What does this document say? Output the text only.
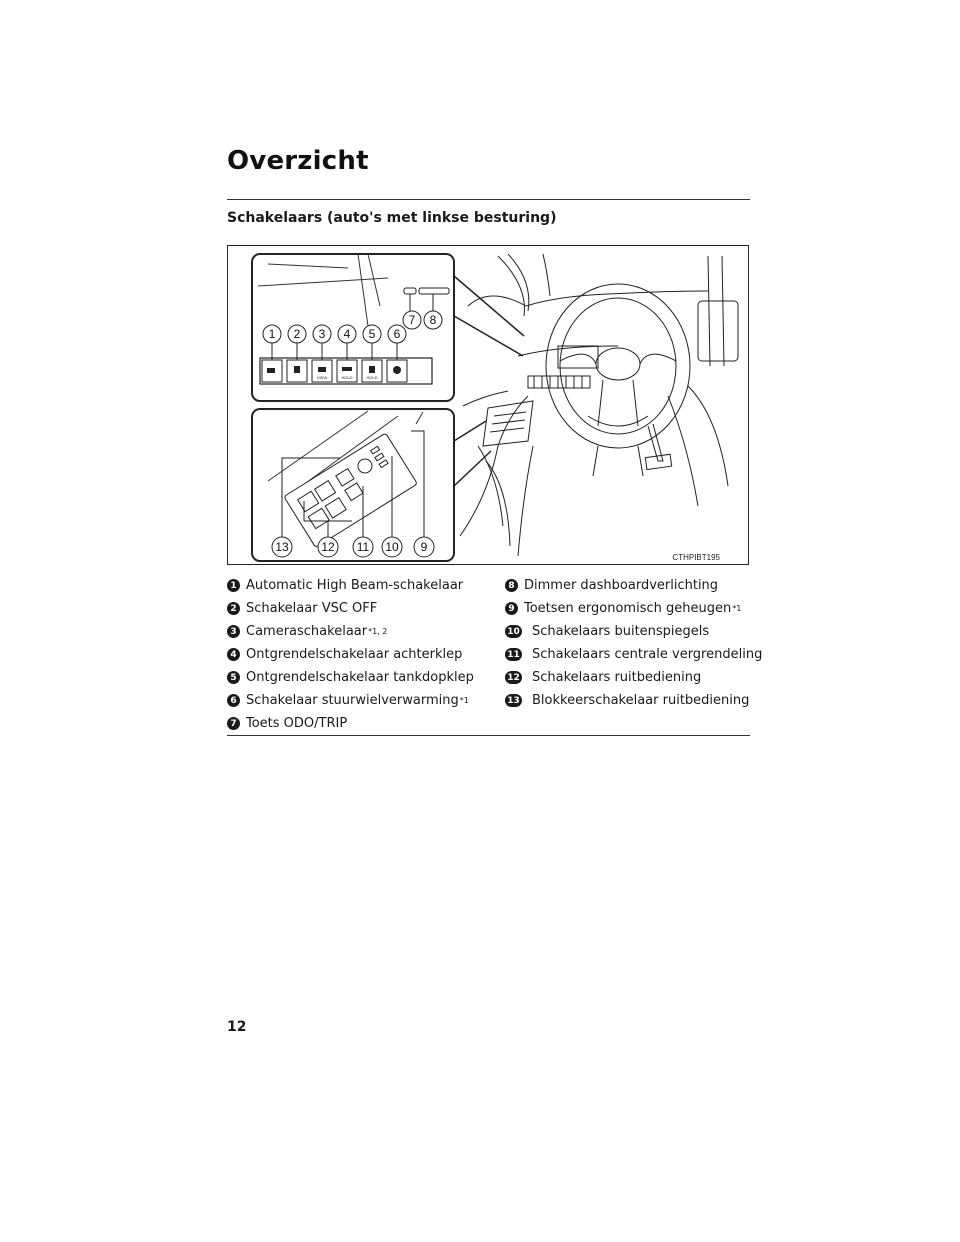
Overzicht
Schakelaars (auto's met linkse besturing)
VIEW	HOLD	HOLD
1 2 3 4 5 6
7 8
13	12 11 10 9
CTHPIBT195
1 Automatic High Beam-schakelaar
2 Schakelaar VSC OFF
3 Cameraschakelaar *1, 2
4 Ontgrendelschakelaar achterklep
5 Ontgrendelschakelaar tankdopklep
6 Schakelaar stuurwielverwarming *1
7 Toets ODO/TRIP
8 Dimmer dashboardverlichting
9 Toetsen ergonomisch geheugen *1
10 Schakelaars buitenspiegels
11 Schakelaars centrale vergrendeling
12 Schakelaars ruitbediening
13 Blokkeerschakelaar ruitbediening
12
